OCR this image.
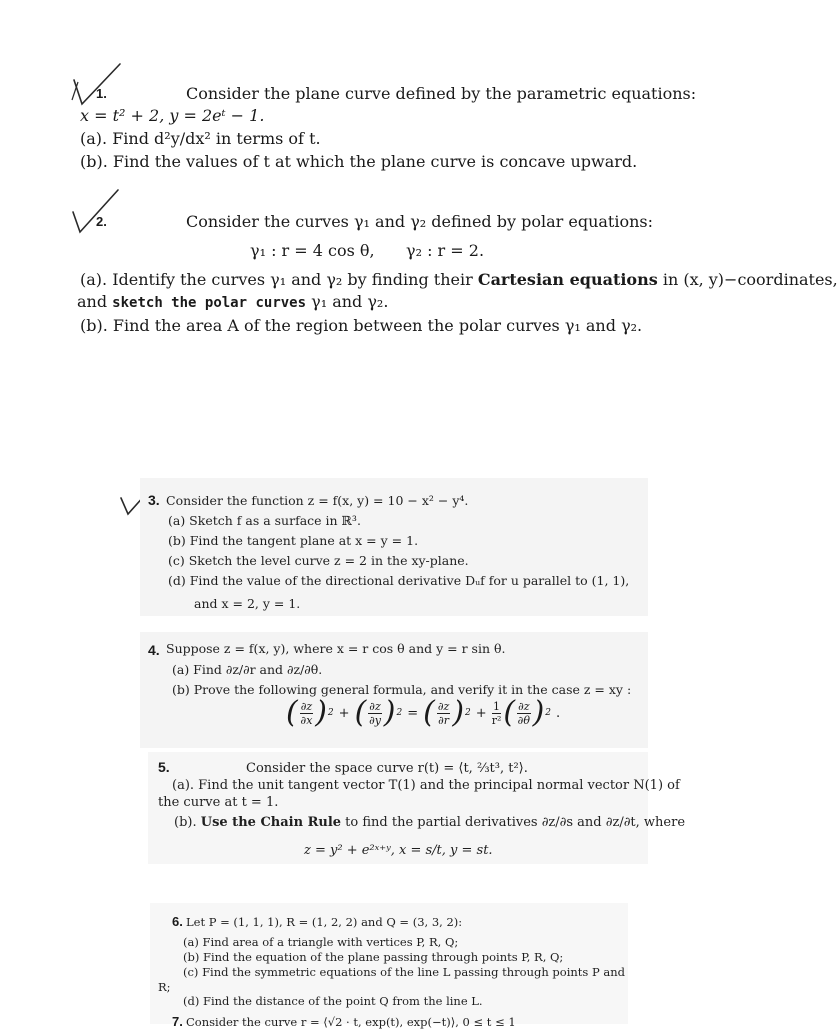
1.	Consider the plane curve defined by the parametric equations:
x = t² + 2, y = 2eᵗ − 1.
(a). Find d²y/dx² in terms of t.
(b). Find the values of t at which the plane curve is concave upward.
2.	Consider the curves γ₁ and γ₂ defined by polar equations:
γ₁ : r = 4 cos θ, γ₂ : r = 2.
(a). Identify the curves γ₁ and γ₂ by finding their Cartesian equations in (x, y)−coordinates,
and sketch the polar curves γ₁ and γ₂.
(b). Find the area A of the region between the polar curves γ₁ and γ₂.
3. Consider the function z = f(x, y) = 10 − x² − y⁴.
(a) Sketch f as a surface in ℝ³.
(b) Find the tangent plane at x = y = 1.
(c) Sketch the level curve z = 2 in the xy-plane.
(d) Find the value of the directional derivative Dᵤf for u parallel to (1, 1),
and x = 2, y = 1.
4. Suppose z = f(x, y), where x = r cos θ and y = r sin θ.
(a) Find ∂z/∂r and ∂z/∂θ.
(b) Prove the following general formula, and verify it in the case z = xy :
( $\frac{\partial z}{\partial x}$ ) 2 + ( $\frac{\partial z}{\partial y}$ ) 2 = ( $\frac{\partial z}{\partial r}$ ) $2 + \frac{1}{\text{r²}}$ ( $\frac{\partial z}{\partial\theta}$ ) 2 .
5.	Consider the space curve r(t) = ⟨t, ⅔t³, t²⟩.
(a). Find the unit tangent vector T(1) and the principal normal vector N(1) of
the curve at t = 1.
(b). Use the Chain Rule to find the partial derivatives ∂z/∂s and ∂z/∂t, where
z = y² + e²ˣ⁺ʸ, x = s/t, y = st.
6. Let P = (1, 1, 1), R = (1, 2, 2) and Q = (3, 3, 2):
(a) Find area of a triangle with vertices P, R, Q;
(b) Find the equation of the plane passing through points P, R, Q;
(c) Find the symmetric equations of the line L passing through points P and
R;
(d) Find the distance of the point Q from the line L.
7. Consider the curve r = ⟨√2 · t, exp(t), exp(−t)⟩, 0 ≤ t ≤ 1
